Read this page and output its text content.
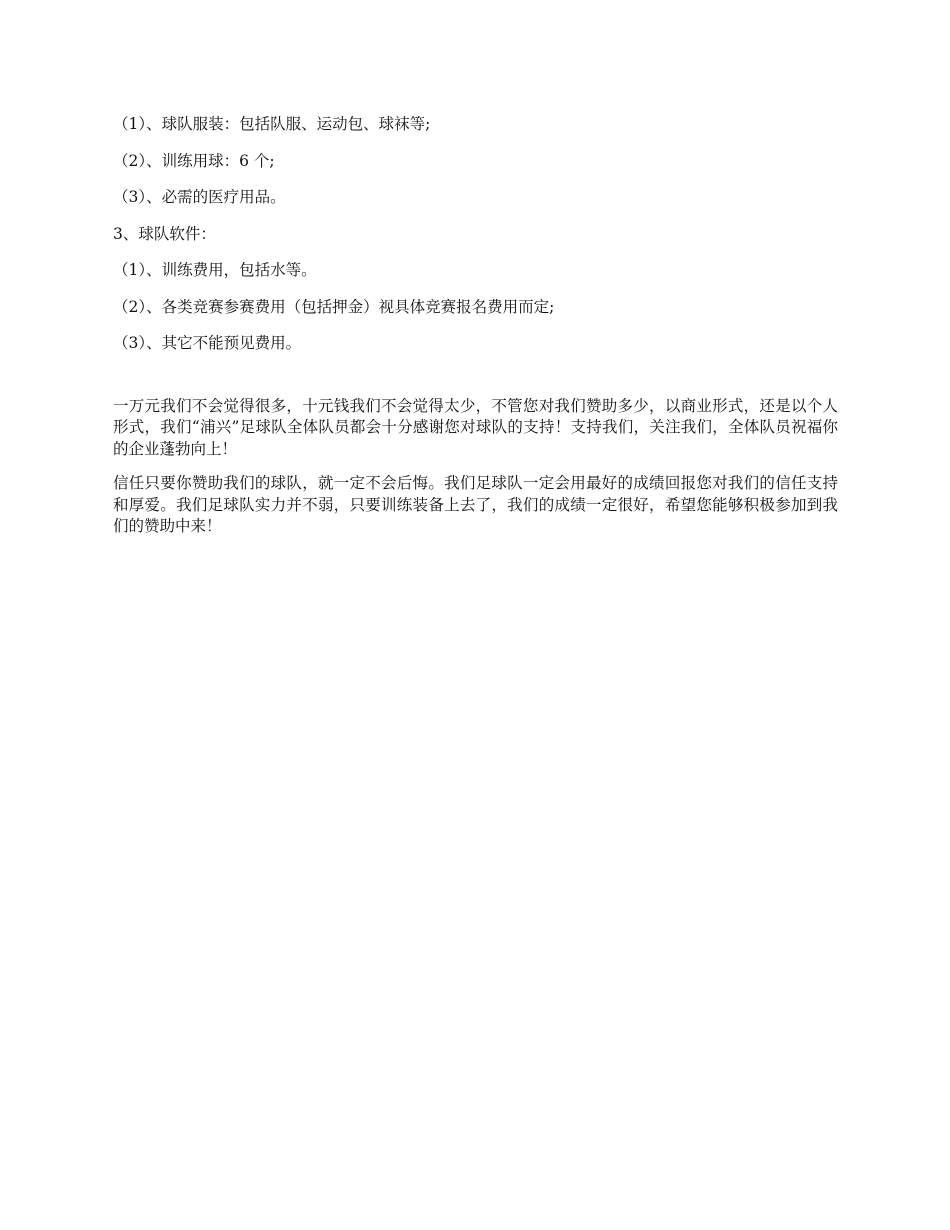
（1）、球队服装：包括队服、运动包、球袜等;
（2）、训练用球：6 个;
（3）、必需的医疗用品。
3、球队软件：
（1）、训练费用，包括水等。
（2）、各类竞赛参赛费用（包括押金）视具体竞赛报名费用而定;
（3）、其它不能预见费用。

一万元我们不会觉得很多，十元钱我们不会觉得太少，不管您对我们赞助多少，以商业形式，还是以个人形式，我们“浦兴”足球队全体队员都会十分感谢您对球队的支持！支持我们，关注我们，全体队员祝福你的企业蓬勃向上！

信任只要你赞助我们的球队，就一定不会后悔。我们足球队一定会用最好的成绩回报您对我们的信任支持和厚爱。我们足球队实力并不弱，只要训练装备上去了，我们的成绩一定很好，希望您能够积极参加到我们的赞助中来！
